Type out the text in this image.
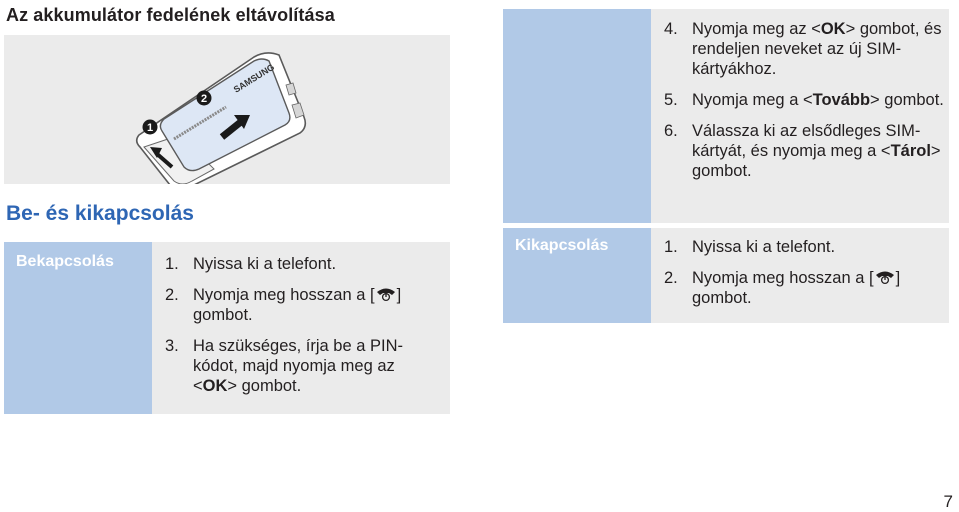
Az akkumulátor fedelének eltávolítása
SAMSUNG
1
2
Be- és kikapcsolás
Bekapcsolás	1. Nyissa ki a telefont.
2. Nyomja meg hosszan a [ ] gombot.
3. Ha szükséges, írja be a PIN-kódot, majd nyomja meg az <OK> gombot.
4. Nyomja meg az <OK> gombot, és rendeljen neveket az új SIM-kártyákhoz.
5. Nyomja meg a <Tovább> gombot.
6. Válassza ki az elsődleges SIM-kártyát, és nyomja meg a <Tárol> gombot.
Kikapcsolás	1. Nyissa ki a telefont.
2. Nyomja meg hosszan a [ ] gombot.
7
